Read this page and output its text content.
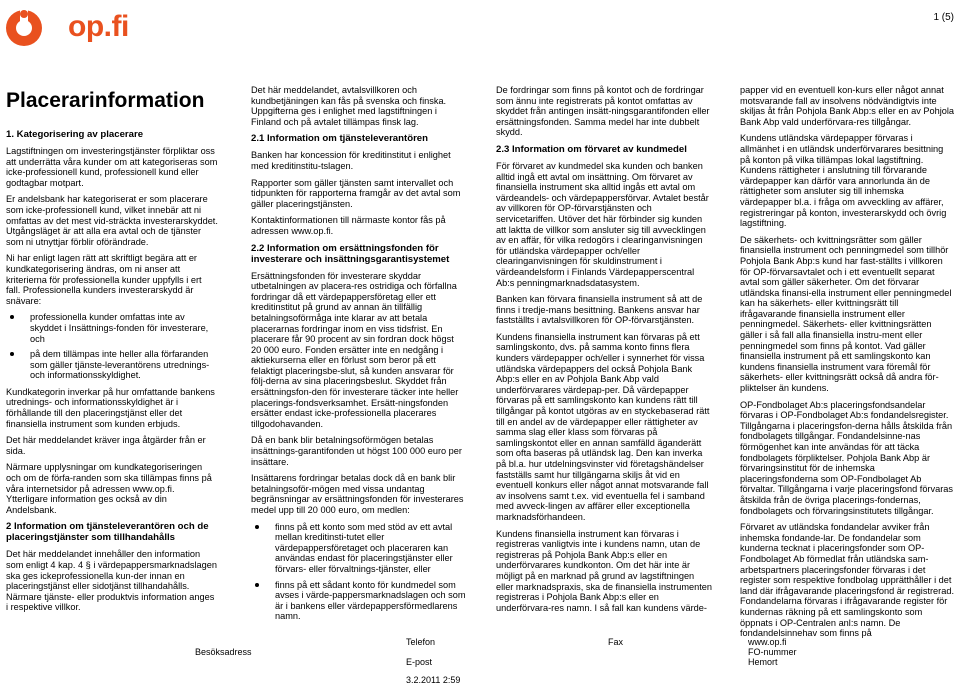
op.fi	1 (5)
Placerarinformation
1. Kategorisering av placerare

Lagstiftningen om investeringstjänster förpliktar oss att underrätta våra kunder om att kategoriseras som icke-professionell kund, professionell kund eller godtagbar motpart.

Er andelsbank har kategoriserat er som placerare som icke-professionell kund, vilket innebär att ni omfattas av det mest vid-sträckta investerarskyddet. Utgångsläget är att alla era avtal och de tjänster som ni utnyttjar förblir oförändrade.

Ni har enligt lagen rätt att skriftligt begära att er kundkategorisering ändras, om ni anser att kriterierna för professionella kunder uppfylls i ert fall. Professionella kunders investerarskydd är snävare:

professionella kunder omfattas inte av skyddet i Insättnings-fonden för investerare, och
på dem tillämpas inte heller alla förfaranden som gäller tjänste-leverantörens utrednings- och informationsskyldighet.

Kundkategorin inverkar på hur omfattande bankens utrednings- och informationsskyldighet är i förhållande till den placeringstjänst eller det finansiella instrument som kunden erbjuds.

Det här meddelandet kräver inga åtgärder från er sida.

Närmare upplysningar om kundkategoriseringen och om de förfa-randen som ska tillämpas finns på våra internetsidor på adressen www.op.fi. Ytterligare information ges också av din Andelsbank.

2 Information om tjänsteleverantören och de placeringstjänster som tillhandahålls

Det här meddelandet innehåller den information som enligt 4 kap. 4 § i värdepappersmarknadslagen ska ges ickeprofessionella kun-der innan en placeringstjänst eller sidotjänst tillhandahålls. Närmare tjänste- eller produktvis information anges i respektive villkor.

Det här meddelandet, avtalsvillkoren och kundbetjäningen kan fås på svenska och finska. Uppgifterna ges i enlighet med lagstiftningen i Finland och på avtalet tillämpas finsk lag.

2.1 Information om tjänsteleverantören

Banken har koncession för kreditinstitut i enlighet med kreditinstitu-tslagen.

Rapporter som gäller tjänsten samt intervallet och tidpunkten för rapporterna framgår av det avtal som gäller placeringstjänsten.

Kontaktinformationen till närmaste kontor fås på adressen www.op.fi.

2.2 Information om ersättningsfonden för investerare och insättningsgarantisystemet

Ersättningsfonden för investerare skyddar utbetalningen av placera-res ostridiga och förfallna fordringar då ett värdepappersföretag eller ett kreditinstitut på grund av annan än tillfällig betalningsoförmåga inte klarar av att betala placerarnas fordringar inom en viss tidsfrist. En placerare får 90 procent av sin fordran dock högst 20 000 euro. Fonden ersätter inte en nedgång i aktiekurserna eller en förlust som beror på ett felaktigt placeringsbe-slut, så kunden ansvarar för följ-derna av sina placeringsbeslut. Skyddet från ersättningsfon-den för investerare täcker inte heller placerings-fondsverksamhet. Ersätt-ningsfonden ersätter endast icke-professionella placerares tillgodohavanden.

Då en bank blir betalningsoförmögen betalas insättnings-garantifonden ut högst 100 000 euro per insättare.

Insättarens fordringar betalas dock då en bank blir betalningsoför-mögen med vissa undantag begränsningar av ersättningsfonden för investerares medel upp till 20 000 euro, om medlen:

finns på ett konto som med stöd av ett avtal mellan kreditinsti-tutet eller värdepappersföretaget och placeraren kan användas endast för placeringstjänster eller förvars- eller förvaltnings-tjänster, eller
finns på ett sådant konto för kundmedel som avses i värde-pappersmarknadslagen och som är i bankens eller värdepappersförmedlarens namn.

De fordringar som finns på kontot och de fordringar som ännu inte registrerats på kontot omfattas av skyddet från antingen insätt-ningsgarantifonden eller ersättningsfonden. Samma medel har inte dubbelt skydd.

2.3 Information om förvaret av kundmedel

För förvaret av kundmedel ska kunden och banken alltid ingå ett avtal om insättning. Om förvaret av finansiella instrument ska alltid ingås ett avtal om värdeandels- och värdepappersförvar. Avtalet består av villkoren för OP-förvarstjänsten och servicetariffen. Utöver det här förbinder sig kunden att laktta de villkor som ansluter sig till avvecklingen av en affär, för vilka redogörs i clearinganvisningen för utländska värdepapper och/eller clearinganvisningen för skuldinstrument i värdeandelsform i Finlands Värdepapperscentral Ab:s penningmarknadsdatasystem.

Banken kan förvara finansiella instrument så att de finns i tredje-mans besittning. Bankens ansvar har fastställts i avtalsvillkoren för OP-förvarstjänsten.

Kundens finansiella instrument kan förvaras på ett samlingskonto, dvs. på samma konto finns flera kunders värdepapper och/eller i synnerhet för vissa utländska värdepappers del också Pohjola Bank Abp:s eller en av Pohjola Bank Abp vald underförvarares värdepap-per. Då värdepapper förvaras på ett samlingskonto kan kundens rätt till tillgångar på kontot utgöras av en styckebaserad rätt till en andel av de värdepapper eller rättigheter av samma slag eller klass som förvaras på samlingskontot eller en annan samfälld äganderätt som ofta baseras på utländsk lag. Den kan inverka på bl.a. hur utdelningsvinster vid företagshändelser fastställs samt hur tillgängarna skiljs åt vid en eventuell konkurs eller något annat motsvarande fall av insolvens samt t.ex. vid eventuella fel i samband med avveck-lingen av affärer eller exceptionella marknadsförhandeen.

Kundens finansiella instrument kan förvaras i registreras vanligtvis inte i kundens namn, utan de registreras på Pohjola Bank Abp:s eller en underförvarares kundkonton. Om det här inte är möjligt på en marknad på grund av lagstiftningen eller marknadspraxis, ska de finansiella instrumenten registreras i Pohjola Bank Abp:s eller en underförvara-res namn. I så fall kan kundens värde-

papper vid en eventuell kon-kurs eller något annat motsvarande fall av insolvens nödvändigtvis inte skiljas åt från Pohjola Bank Abp:s eller en av Pohjola Bank Abp vald underförvara-res tillgångar.

Kundens utländska värdepapper förvaras i allmänhet i en utländsk underförvarares besittning på konton på vilka tillämpas lokal lagstiftning. Kundens rättigheter i anslutning till förvarande värdepapper kan därför vara annorlunda än de rättigheter som ansluter sig till inhemska värdepapper bl.a. i fråga om avveckling av affärer, registreringar på konton, investerarskydd och övrig lagstiftning.

De säkerhets- och kvittningsrätter som gäller finansiella instrument och penningmedel som tillhör Pohjola Bank Abp:s kund har fast-ställts i villkoren för OP-förvarsavtalet och i ett eventuellt separat avtal som gäller säkerheter. Om det förvarar utländska finansi-ella instrument eller penningmedel kan ha säkerhets- eller kvittningsrätt till ifrågavarande finansiella instrument eller penningmedel. Säkerhets- eller kvittningsrätten gäller i så fall alla finansiella instru-ment eller penningmedel som finns på kontot. Vad gäller finansiella instrument på ett samlingskonto kan kundens finansiella instrument vara föremål för säkerhets- eller kvittningsrätt också då andra för-pliktelser än kundens.

OP-Fondbolaget Ab:s placeringsfondsandelar förvaras i OP-Fondbolaget Ab:s fondandelsregister. Tillgångarna i placeringsfon-derna hålls åtskilda från fondbolagets tillgångar. Fondandelsinne-nas förmögenhet kan inte användas för att täcka fondbolagets förpliktelser. Pohjola Bank Abp är förvaringsinstitut för de inhemska placeringsfonderna som OP-Fondbolaget Ab förvaltar. Tillgångarna i varje placeringsfond förvaras åtskilda från de övriga placerings-fondernas, fondbolagets och förvaringsinstitutets tillgångar.

Förvaret av utländska fondandelar avviker från inhemska fondande-lar. De fondandelar som kunderna tecknat i placeringsfonder som OP-Fondbolaget Ab förmedlat från utländska sam-arbetspartners placeringsfonder förvaras i det register som respektive fondbolag upprätthåller i det land där ifrågavarande placeringsfond är registrerad. Fondandelarna förvaras i ifrågavarande register för kundernas räkning på ett samlingskonto som öppnats i OP-Centralen anl:s namn. De fondandelsinnehav som finns på

Besöksadress
Telefon
E-post
Fax	www.op.fi
FO-nummer
Hemort
3.2.2011 2:59
